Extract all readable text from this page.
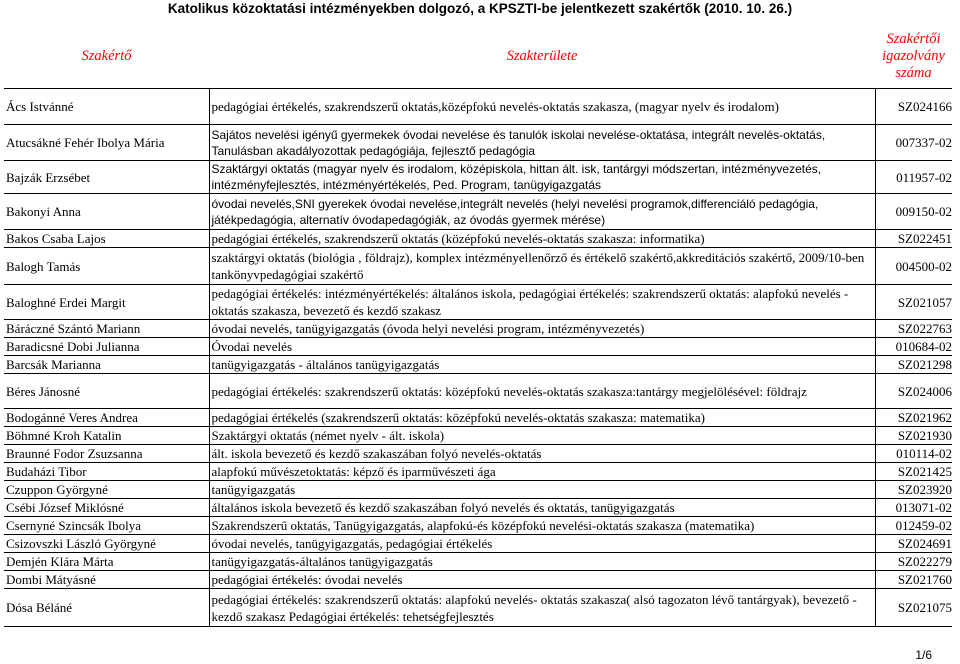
Katolikus közoktatási intézményekben dolgozó, a KPSZTI-be jelentkezett szakértők (2010. 10. 26.)
Szakértő	Szakterülete	Szakértői igazolvány száma
Ács Istvánné	pedagógiai értékelés, szakrendszerű oktatás,középfokú nevelés-oktatás szakasza, (magyar nyelv és irodalom)	SZ024166
Atucsákné Fehér Ibolya Mária	Sajátos nevelési igényű gyermekek óvodai nevelése és tanulók iskolai nevelése-oktatása, integrált nevelés-oktatás, Tanulásban akadályozottak pedagógiája, fejlesztő pedagógia	007337-02
Bajzák Erzsébet	Szaktárgyi oktatás (magyar nyelv és irodalom, középiskola, hittan ált. isk, tantárgyi módszertan, intézményvezetés, intézményfejlesztés, intézményértékelés, Ped. Program, tanügyigazgatás	011957-02
Bakonyi Anna	óvodai nevelés,SNI gyerekek óvodai nevelése,integrált nevelés (helyi nevelési programok,differenciáló pedagógia, játékpedagógia, alternatív óvodapedagógiák, az óvodás gyermek mérése)	009150-02
Bakos Csaba Lajos	pedagógiai értékelés, szakrendszerű oktatás (középfokú nevelés-oktatás szakasza: informatika)	SZ022451
Balogh Tamás	szaktárgyi oktatás (biológia , földrajz), komplex intézményellenőrző és értékelő szakértő,akkreditációs szakértő, 2009/10-ben tankönyvpedagógiai szakértő	004500-02
Baloghné Erdei Margit	pedagógiai értékelés: intézményértékelés: általános iskola, pedagógiai értékelés: szakrendszerű oktatás: alapfokú nevelés - oktatás szakasza, bevezető és kezdő szakasz	SZ021057
Báráczné Szántó Mariann	óvodai nevelés, tanügyigazgatás (óvoda helyi nevelési program, intézményvezetés)	SZ022763
Baradicsné Dobi Julianna	Óvodai nevelés	010684-02
Barcsák Marianna	tanügyigazgatás - általános tanügyigazgatás	SZ021298
Béres Jánosné	pedagógiai értékelés: szakrendszerű oktatás: középfokú nevelés-oktatás szakasza:tantárgy megjelölésével: földrajz	SZ024006
Bodogánné Veres Andrea	pedagógiai értékelés (szakrendszerű oktatás: középfokú nevelés-oktatás szakasza: matematika)	SZ021962
Böhmné Kroh Katalin	Szaktárgyi oktatás (német nyelv - ált. iskola)	SZ021930
Braunné Fodor Zsuzsanna	ált. iskola bevezető és kezdő szakaszában folyó nevelés-oktatás	010114-02
Budaházi Tibor	alapfokú művészetoktatás: képző és iparművészeti ága	SZ021425
Czuppon Györgyné	tanügyigazgatás	SZ023920
Csébi József Miklósné	általános iskola bevezető és kezdő szakaszában folyó nevelés és oktatás, tanügyigazgatás	013071-02
Csernyné Szincsák Ibolya	Szakrendszerű oktatás, Tanügyigazgatás, alapfokú-és középfokú nevelési-oktatás szakasza (matematika)	012459-02
Csizovszki László Györgyné	óvodai nevelés, tanügyigazgatás, pedagógiai értékelés	SZ024691
Demjén Klára Márta	tanügyigazgatás-általános tanügyigazgatás	SZ022279
Dombi Mátyásné	pedagógiai értékelés: óvodai nevelés	SZ021760
Dósa Béláné	pedagógiai értékelés: szakrendszerű oktatás: alapfokú nevelés- oktatás szakasza( alsó tagozaton lévő tantárgyak), bevezető - kezdő szakasz Pedagógiai értékelés: tehetségfejlesztés	SZ021075
1/6
